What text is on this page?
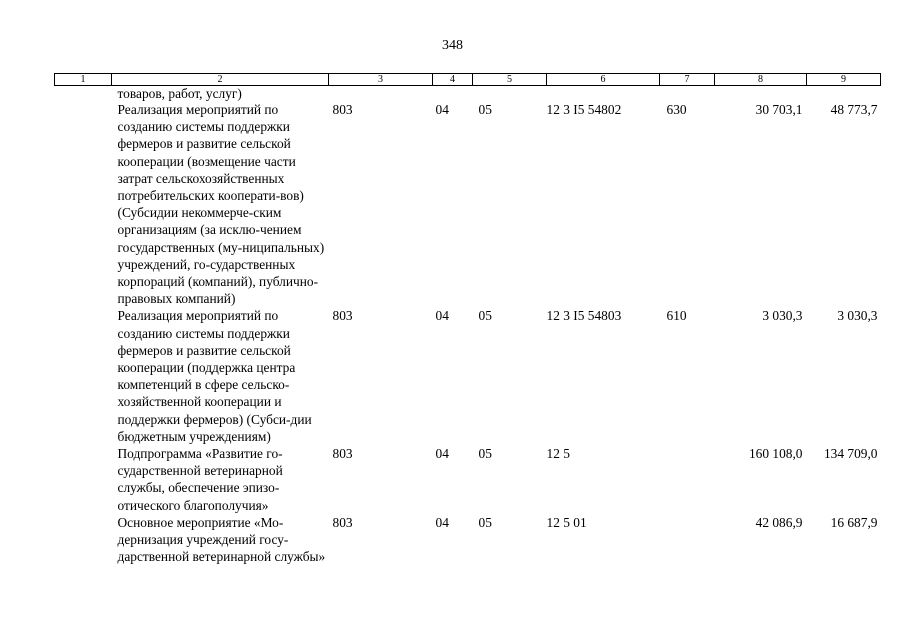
348
1	2	3	4	5	6	7	8	9
	товаров, работ, услуг)							
	Реализация мероприятий по созданию системы поддержки фермеров и развитие сельской кооперации (возмещение части затрат сельскохозяйственных потребительских кооперати-вов) (Субсидии некоммерче-ским организациям (за исклю-чением государственных (му-ниципальных) учреждений, го-сударственных корпораций (компаний), публично-правовых компаний)	803	04	05	12 3 I5 54802	630	30 703,1	48 773,7
	Реализация мероприятий по созданию системы поддержки фермеров и развитие сельской кооперации (поддержка центра компетенций в сфере сельско-хозяйственной кооперации и поддержки фермеров) (Субси-дии бюджетным учреждениям)	803	04	05	12 3 I5 54803	610	3 030,3	3 030,3
	Подпрограмма «Развитие го-сударственной ветеринарной службы, обеспечение эпизо-отического благополучия»	803	04	05	12 5		160 108,0	134 709,0
	Основное мероприятие «Мо-дернизация учреждений госу-дарственной ветеринарной службы»	803	04	05	12 5 01		42 086,9	16 687,9
